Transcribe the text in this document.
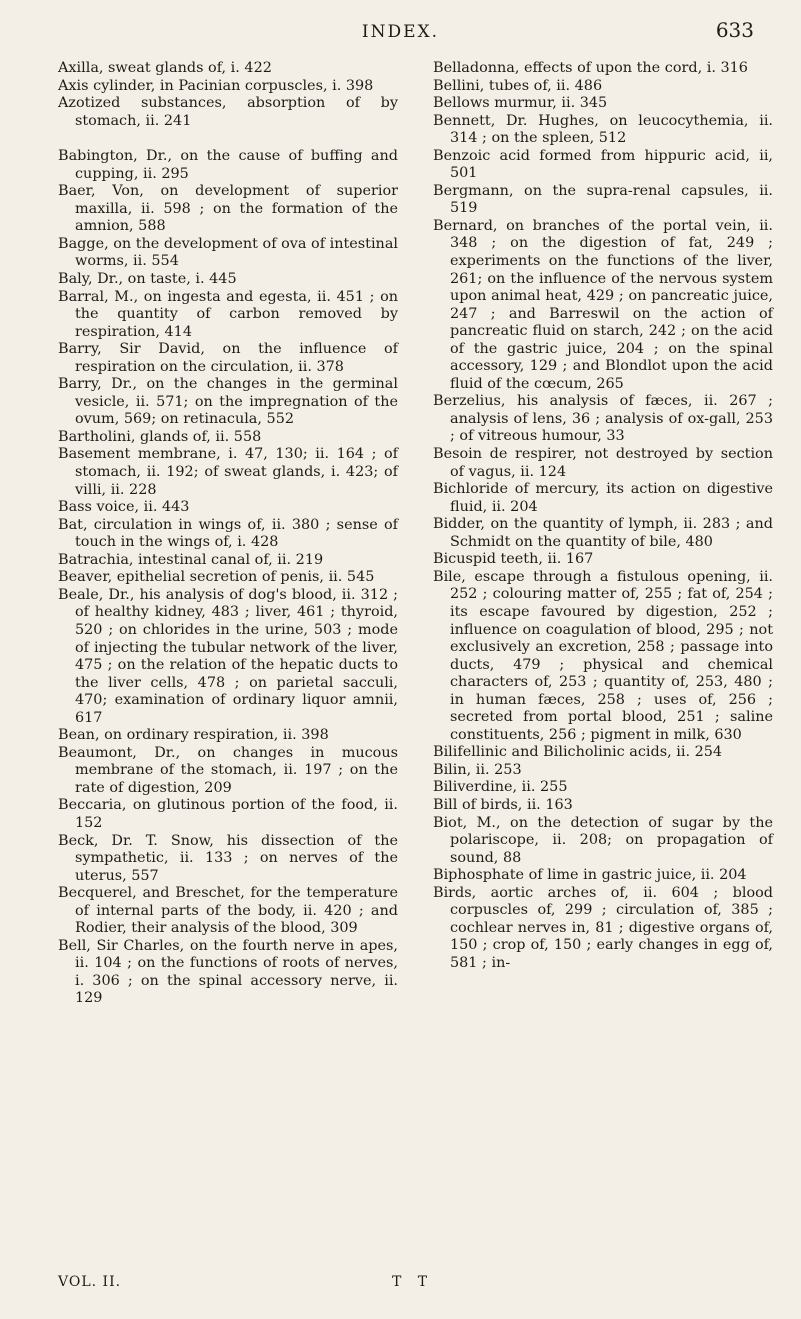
INDEX.	633

Axilla, sweat glands of, i. 422

Axis cylinder, in Pacinian corpuscles, i. 398

Azotized substances, absorption of by stomach, ii. 241

Babington, Dr., on the cause of buffing and cupping, ii. 295

Baer, Von, on development of superior maxilla, ii. 598 ; on the formation of the amnion, 588

Bagge, on the development of ova of intestinal worms, ii. 554

Baly, Dr., on taste, i. 445

Barral, M., on ingesta and egesta, ii. 451 ; on the quantity of carbon removed by respiration, 414

Barry, Sir David, on the influence of respiration on the circulation, ii. 378

Barry, Dr., on the changes in the germinal vesicle, ii. 571; on the impregnation of the ovum, 569; on retinacula, 552

Bartholini, glands of, ii. 558

Basement membrane, i. 47, 130; ii. 164 ; of stomach, ii. 192; of sweat glands, i. 423; of villi, ii. 228

Bass voice, ii. 443

Bat, circulation in wings of, ii. 380 ; sense of touch in the wings of, i. 428

Batrachia, intestinal canal of, ii. 219

Beaver, epithelial secretion of penis, ii. 545

Beale, Dr., his analysis of dog's blood, ii. 312 ; of healthy kidney, 483 ; liver, 461 ; thyroid, 520 ; on chlorides in the urine, 503 ; mode of injecting the tubular network of the liver, 475 ; on the relation of the hepatic ducts to the liver cells, 478 ; on parietal sacculi, 470; examination of ordinary liquor amnii, 617

Bean, on ordinary respiration, ii. 398

Beaumont, Dr., on changes in mucous membrane of the stomach, ii. 197 ; on the rate of digestion, 209

Beccaria, on glutinous portion of the food, ii. 152

Beck, Dr. T. Snow, his dissection of the sympathetic, ii. 133 ; on nerves of the uterus, 557

Becquerel, and Breschet, for the temperature of internal parts of the body, ii. 420 ; and Rodier, their analysis of the blood, 309

Bell, Sir Charles, on the fourth nerve in apes, ii. 104 ; on the functions of roots of nerves, i. 306 ; on the spinal accessory nerve, ii. 129

Belladonna, effects of upon the cord, i. 316

Bellini, tubes of, ii. 486

Bellows murmur, ii. 345

Bennett, Dr. Hughes, on leucocythemia, ii. 314 ; on the spleen, 512

Benzoic acid formed from hippuric acid, ii, 501

Bergmann, on the supra-renal capsules, ii. 519

Bernard, on branches of the portal vein, ii. 348 ; on the digestion of fat, 249 ; experiments on the functions of the liver, 261; on the influence of the nervous system upon animal heat, 429 ; on pancreatic juice, 247 ; and Barreswil on the action of pancreatic fluid on starch, 242 ; on the acid of the gastric juice, 204 ; on the spinal accessory, 129 ; and Blondlot upon the acid fluid of the cœcum, 265

Berzelius, his analysis of fæces, ii. 267 ; analysis of lens, 36 ; analysis of ox-gall, 253 ; of vitreous humour, 33

Besoin de respirer, not destroyed by section of vagus, ii. 124

Bichloride of mercury, its action on digestive fluid, ii. 204

Bidder, on the quantity of lymph, ii. 283 ; and Schmidt on the quantity of bile, 480

Bicuspid teeth, ii. 167

Bile, escape through a fistulous opening, ii. 252 ; colouring matter of, 255 ; fat of, 254 ; its escape favoured by digestion, 252 ; influence on coagulation of blood, 295 ; not exclusively an excretion, 258 ; passage into ducts, 479 ; physical and chemical characters of, 253 ; quantity of, 253, 480 ; in human fæces, 258 ; uses of, 256 ; secreted from portal blood, 251 ; saline constituents, 256 ; pigment in milk, 630

Bilifellinic and Bilicholinic acids, ii. 254

Bilin, ii. 253

Biliverdine, ii. 255

Bill of birds, ii. 163

Biot, M., on the detection of sugar by the polariscope, ii. 208; on propagation of sound, 88

Biphosphate of lime in gastric juice, ii. 204

Birds, aortic arches of, ii. 604 ; blood corpuscles of, 299 ; circulation of, 385 ; cochlear nerves in, 81 ; digestive organs of, 150 ; crop of, 150 ; early changes in egg of, 581 ; in-

VOL. II.	T T
